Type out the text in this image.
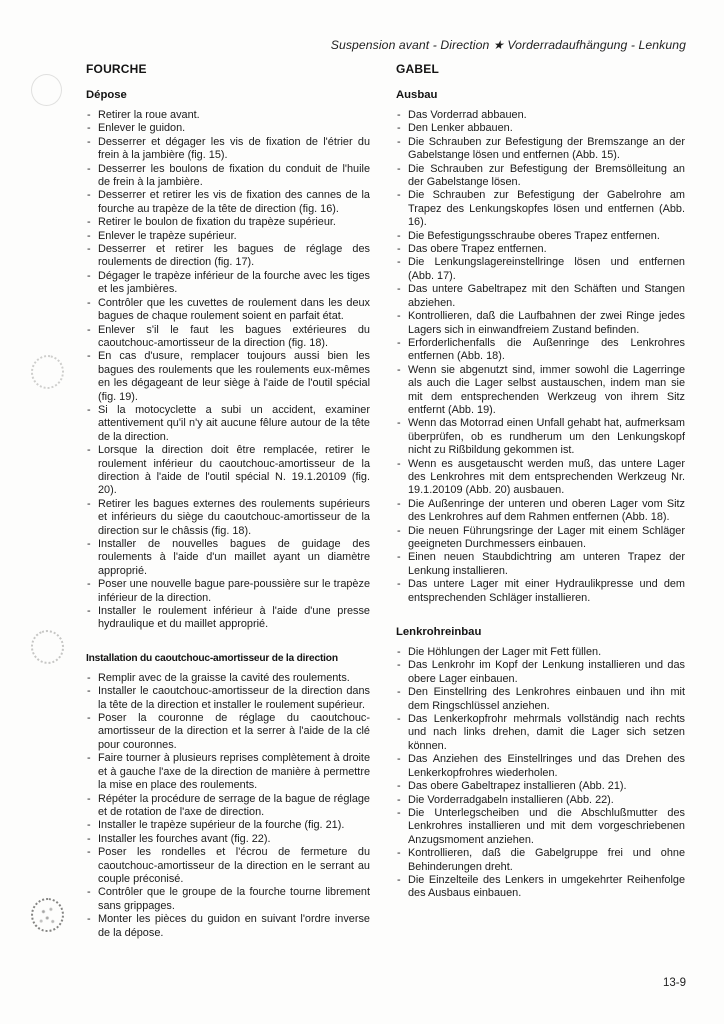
Suspension avant - Direction ★ Vorderradaufhängung - Lenkung
FOURCHE
Dépose
- Retirer la roue avant.
- Enlever le guidon.
- Desserrer et dégager les vis de fixation de l'étrier du frein à la jambière (fig. 15).
- Desserrer les boulons de fixation du conduit de l'huile de frein à la jambière.
- Desserrer et retirer les vis de fixation des cannes de la fourche au trapèze de la tête de direction (fig. 16).
- Retirer le boulon de fixation du trapèze supérieur.
- Enlever le trapèze supérieur.
- Desserrer et retirer les bagues de réglage des roulements de direction (fig. 17).
- Dégager le trapèze inférieur de la fourche avec les tiges et les jambières.
- Contrôler que les cuvettes de roulement dans les deux bagues de chaque roulement soient en parfait état.
- Enlever s'il le faut les bagues extérieures du caoutchouc-amortisseur de la direction (fig. 18).
- En cas d'usure, remplacer toujours aussi bien les bagues des roulements que les roulements eux-mêmes en les dégageant de leur siège à l'aide de l'outil spécial (fig. 19).
- Si la motocyclette a subi un accident, examiner attentivement qu'il n'y ait aucune fêlure autour de la tête de la direction.
- Lorsque la direction doit être remplacée, retirer le roulement inférieur du caoutchouc-amortisseur de la direction à l'aide de l'outil spécial N. 19.1.20109 (fig. 20).
- Retirer les bagues externes des roulements supérieurs et inférieurs du siège du caoutchouc-amortisseur de la direction sur le châssis (fig. 18).
- Installer de nouvelles bagues de guidage des roulements à l'aide d'un maillet ayant un diamètre approprié.
- Poser une nouvelle bague pare-poussière sur le trapèze inférieur de la direction.
- Installer le roulement inférieur à l'aide d'une presse hydraulique et du maillet approprié.
Installation du caoutchouc-amortisseur de la direction
- Remplir avec de la graisse la cavité des roulements.
- Installer le caoutchouc-amortisseur de la direction dans la tête de la direction et installer le roulement supérieur.
- Poser la couronne de réglage du caoutchouc-amortisseur de la direction et la serrer à l'aide de la clé pour couronnes.
- Faire tourner à plusieurs reprises complètement à droite et à gauche l'axe de la direction de manière à permettre la mise en place des roulements.
- Répéter la procédure de serrage de la bague de réglage et de rotation de l'axe de direction.
- Installer le trapèze supérieur de la fourche (fig. 21).
- Installer les fourches avant (fig. 22).
- Poser les rondelles et l'écrou de fermeture du caoutchouc-amortisseur de la direction en le serrant au couple préconisé.
- Contrôler que le groupe de la fourche tourne librement sans grippages.
- Monter les pièces du guidon en suivant l'ordre inverse de la dépose.
GABEL
Ausbau
- Das Vorderrad abbauen.
- Den Lenker abbauen.
- Die Schrauben zur Befestigung der Bremszange an der Gabelstange lösen und entfernen (Abb. 15).
- Die Schrauben zur Befestigung der Bremsölleitung an der Gabelstange lösen.
- Die Schrauben zur Befestigung der Gabelrohre am Trapez des Lenkungskopfes lösen und entfernen (Abb. 16).
- Die Befestigungsschraube oberes Trapez entfernen.
- Das obere Trapez entfernen.
- Die Lenkungslagereinstellringe lösen und entfernen (Abb. 17).
- Das untere Gabeltrapez mit den Schäften und Stangen abziehen.
- Kontrollieren, daß die Laufbahnen der zwei Ringe jedes Lagers sich in einwandfreiem Zustand befinden.
- Erforderlichenfalls die Außenringe des Lenkrohres entfernen (Abb. 18).
- Wenn sie abgenutzt sind, immer sowohl die Lagerringe als auch die Lager selbst austauschen, indem man sie mit dem entsprechenden Werkzeug von ihrem Sitz entfernt (Abb. 19).
- Wenn das Motorrad einen Unfall gehabt hat, aufmerksam überprüfen, ob es rundherum um den Lenkungskopf nicht zu Rißbildung gekommen ist.
- Wenn es ausgetauscht werden muß, das untere Lager des Lenkrohres mit dem entsprechenden Werkzeug Nr. 19.1.20109 (Abb. 20) ausbauen.
- Die Außenringe der unteren und oberen Lager vom Sitz des Lenkrohres auf dem Rahmen entfernen (Abb. 18).
- Die neuen Führungsringe der Lager mit einem Schläger geeigneten Durchmessers einbauen.
- Einen neuen Staubdichtring am unteren Trapez der Lenkung installieren.
- Das untere Lager mit einer Hydraulikpresse und dem entsprechenden Schläger installieren.
Lenkrohreinbau
- Die Höhlungen der Lager mit Fett füllen.
- Das Lenkrohr im Kopf der Lenkung installieren und das obere Lager einbauen.
- Den Einstellring des Lenkrohres einbauen und ihn mit dem Ringschlüssel anziehen.
- Das Lenkerkopfrohr mehrmals vollständig nach rechts und nach links drehen, damit die Lager sich setzen können.
- Das Anziehen des Einstellringes und das Drehen des Lenkerkopfrohres wiederholen.
- Das obere Gabeltrapez installieren (Abb. 21).
- Die Vorderradgabeln installieren (Abb. 22).
- Die Unterlegscheiben und die Abschlußmutter des Lenkrohres installieren und mit dem vorgeschriebenen Anzugsmoment anziehen.
- Kontrollieren, daß die Gabelgruppe frei und ohne Behinderungen dreht.
- Die Einzelteile des Lenkers in umgekehrter Reihenfolge des Ausbaus einbauen.
13-9
